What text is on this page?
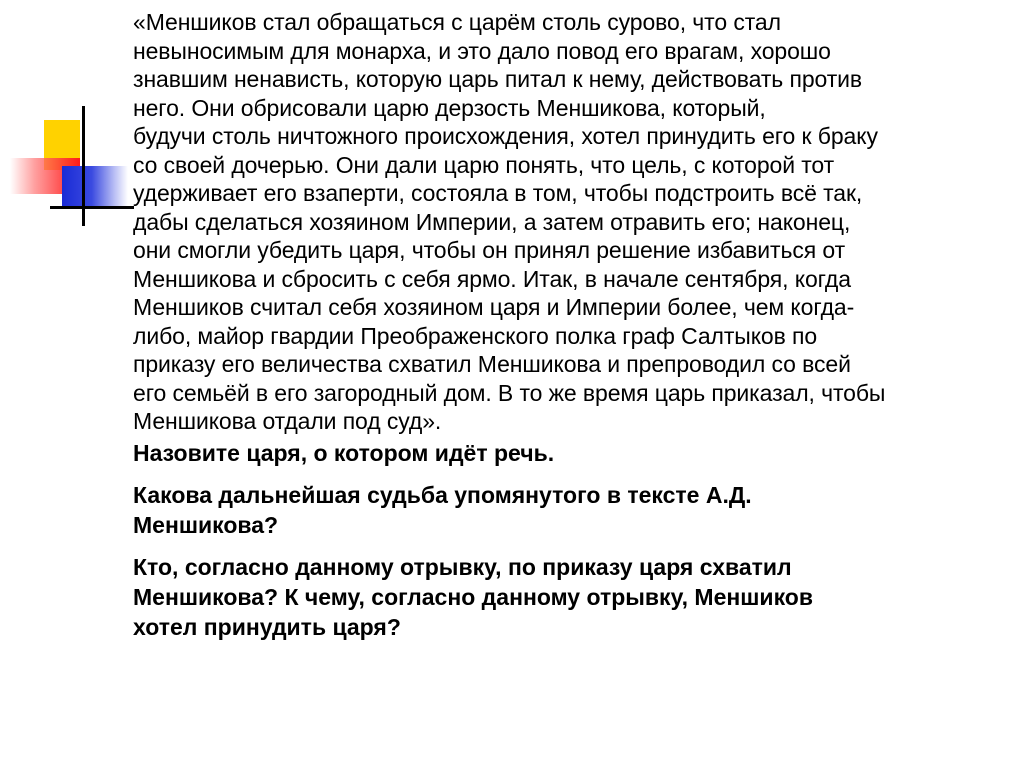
«Меншиков стал обращаться с царём столь сурово, что стал
невыносимым для монарха, и это дало повод его врагам, хорошо
знавшим ненависть, которую царь питал к нему, действовать против
него. Они обрисовали царю дерзость Меншикова, который,
будучи столь ничтожного происхождения, хотел принудить его к браку
со своей дочерью. Они дали царю понять, что цель, с которой тот
удерживает его взаперти, состояла в том, чтобы подстроить всё так,
дабы сделаться хозяином Империи, а затем отравить его; наконец,
они смогли убедить царя, чтобы он принял решение избавиться от
Меншикова и сбросить с себя ярмо. Итак, в начале сентября, когда
Меншиков считал себя хозяином царя и Империи более, чем когда-
либо, майор гвардии Преображенского полка граф Салтыков по
приказу его величества схватил Меншикова и препроводил со всей
его семьёй в его загородный дом. В то же время царь приказал, чтобы
Меншикова отдали под суд».
Назовите царя, о котором идёт речь.
Какова дальнейшая судьба упомянутого в тексте А.Д.
Меншикова?
Кто, согласно данному отрывку, по приказу царя схватил
Меншикова? К чему, согласно данному отрывку, Меншиков
хотел принудить царя?
